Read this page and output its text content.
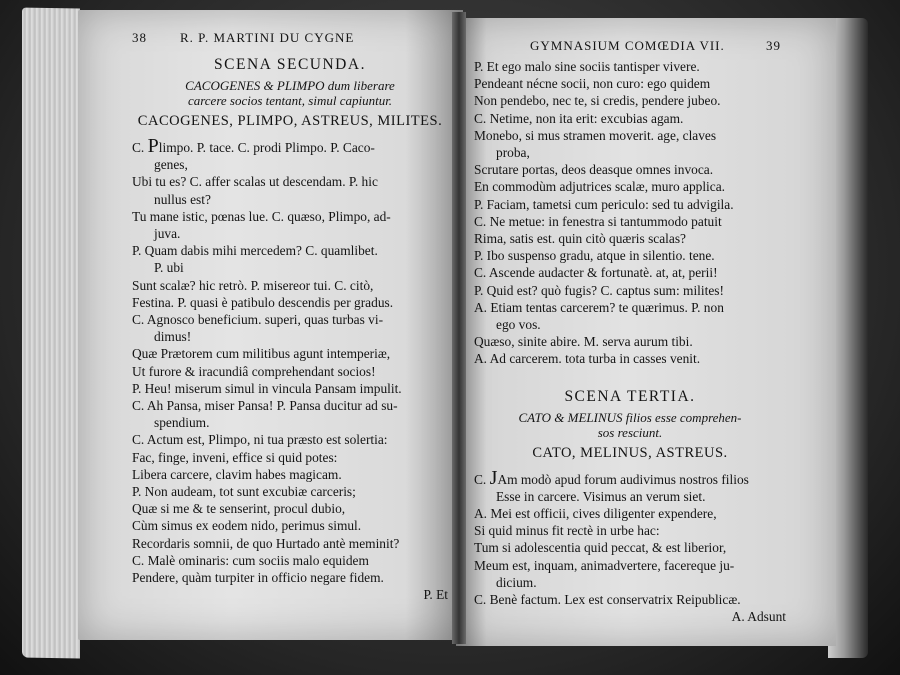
38	R. P. MARTINI DU CYGNE
SCENA SECUNDA.
CACOGENES & PLIMPO dum liberare
carcere socios tentant, simul capiuntur.
CACOGENES, PLIMPO, ASTREUS, MILITES.
C. Plimpo. P. tace. C. prodi Plimpo. P. Caco-
genes,
Ubi tu es? C. affer scalas ut descendam. P. hic
nullus est?
Tu mane istic, pœnas lue. C. quæso, Plimpo, ad-
juva.
P. Quam dabis mihi mercedem? C. quamlibet.
P. ubi
Sunt scalæ? hic retrò. P. misereor tui. C. citò,
Festina. P. quasi è patibulo descendis per gradus.
C. Agnosco beneficium. superi, quas turbas vi-
dimus!
Quæ Prætorem cum militibus agunt intemperiæ,
Ut furore & iracundiâ comprehendant socios!
P. Heu! miserum simul in vincula Pansam impulit.
C. Ah Pansa, miser Pansa! P. Pansa ducitur ad su-
spendium.
C. Actum est, Plimpo, ni tua præsto est solertia:
Fac, finge, inveni, effice si quid potes:
Libera carcere, clavim habes magicam.
P. Non audeam, tot sunt excubiæ carceris;
Quæ si me & te senserint, procul dubio,
Cùm simus ex eodem nido, perimus simul.
Recordaris somnii, de quo Hurtado antè meminit?
C. Malè ominaris: cum sociis malo equidem
Pendere, quàm turpiter in officio negare fidem.
P. Et
GYMNASIUM COMŒDIA VII.	39
P. Et ego malo sine sociis tantisper vivere.
Pendeant nécne socii, non curo: ego quidem
Non pendebo, nec te, si credis, pendere jubeo.
C. Netime, non ita erit: excubias agam.
Monebo, si mus stramen moverit. age, claves
proba,
Scrutare portas, deos deasque omnes invoca.
En commodùm adjutrices scalæ, muro applica.
P. Faciam, tametsi cum periculo: sed tu advigila.
C. Ne metue: in fenestra si tantummodo patuit
Rima, satis est. quin citò quæris scalas?
P. Ibo suspenso gradu, atque in silentio. tene.
C. Ascende audacter & fortunatè. at, at, perii!
P. Quid est? quò fugis? C. captus sum: milites!
A. Etiam tentas carcerem? te quærimus. P. non
ego vos.
Quæso, sinite abire. M. serva aurum tibi.
A. Ad carcerem. tota turba in casses venit.
SCENA TERTIA.
CATO & MELINUS filios esse comprehen-
sos resciunt.
CATO, MELINUS, ASTREUS.
C. JAm modò apud forum audivimus nostros filios
Esse in carcere. Visimus an verum siet.
A. Mei est officii, cives diligenter expendere,
Si quid minus fit rectè in urbe hac:
Tum si adolescentia quid peccat, & est liberior,
Meum est, inquam, animadvertere, facereque ju-
dicium.
C. Benè factum. Lex est conservatrix Reipublicæ.
A. Adsunt
